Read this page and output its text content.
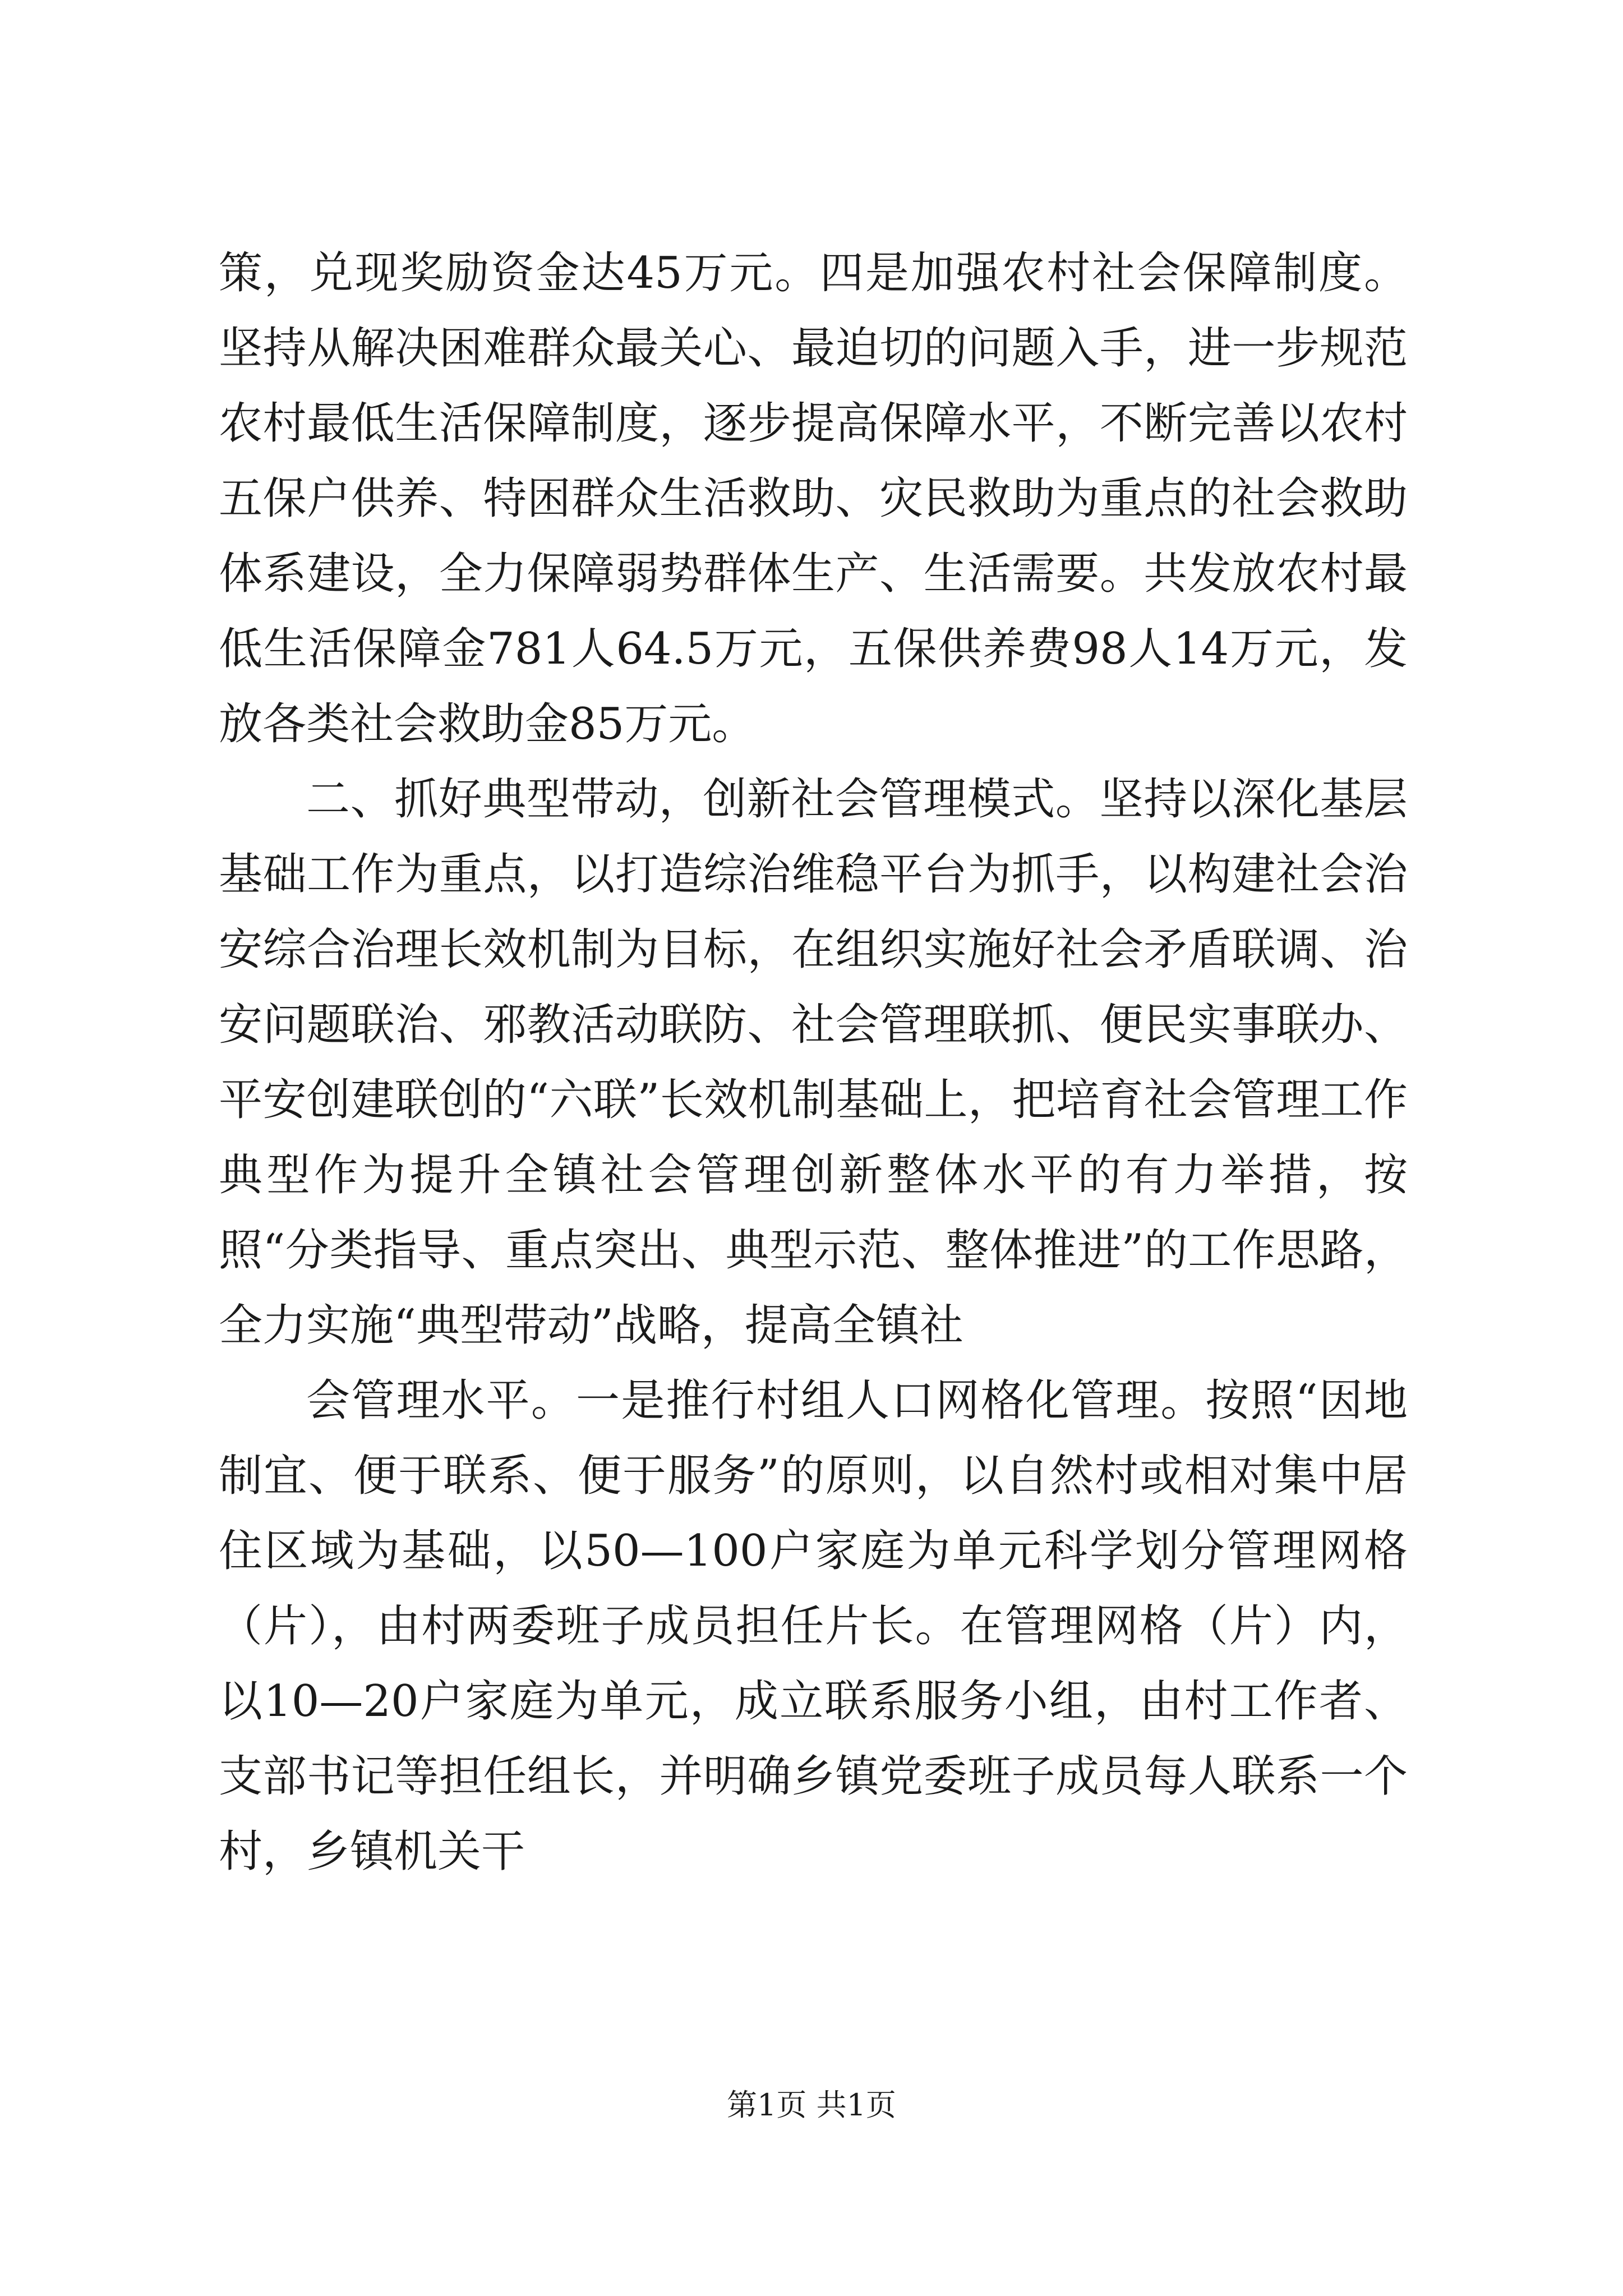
策，兑现奖励资金达45万元。四是加强农村社会保障制度。坚持从解决困难群众最关心、最迫切的问题入手，进一步规范农村最低生活保障制度，逐步提高保障水平，不断完善以农村五保户供养、特困群众生活救助、灾民救助为重点的社会救助体系建设，全力保障弱势群体生产、生活需要。共发放农村最低生活保障金781人64.5万元，五保供养费98人14万元，发放各类社会救助金85万元。

二、抓好典型带动，创新社会管理模式。坚持以深化基层基础工作为重点，以打造综治维稳平台为抓手，以构建社会治安综合治理长效机制为目标，在组织实施好社会矛盾联调、治安问题联治、邪教活动联防、社会管理联抓、便民实事联办、平安创建联创的“六联”长效机制基础上，把培育社会管理工作典型作为提升全镇社会管理创新整体水平的有力举措，按照“分类指导、重点突出、典型示范、整体推进”的工作思路，全力实施“典型带动”战略，提高全镇社

会管理水平。一是推行村组人口网格化管理。按照“因地制宜、便于联系、便于服务”的原则，以自然村或相对集中居住区域为基础，以50—100户家庭为单元科学划分管理网格（片），由村两委班子成员担任片长。在管理网格（片）内，以10—20户家庭为单元，成立联系服务小组，由村工作者、支部书记等担任组长，并明确乡镇党委班子成员每人联系一个村，乡镇机关干

第1页 共1页
